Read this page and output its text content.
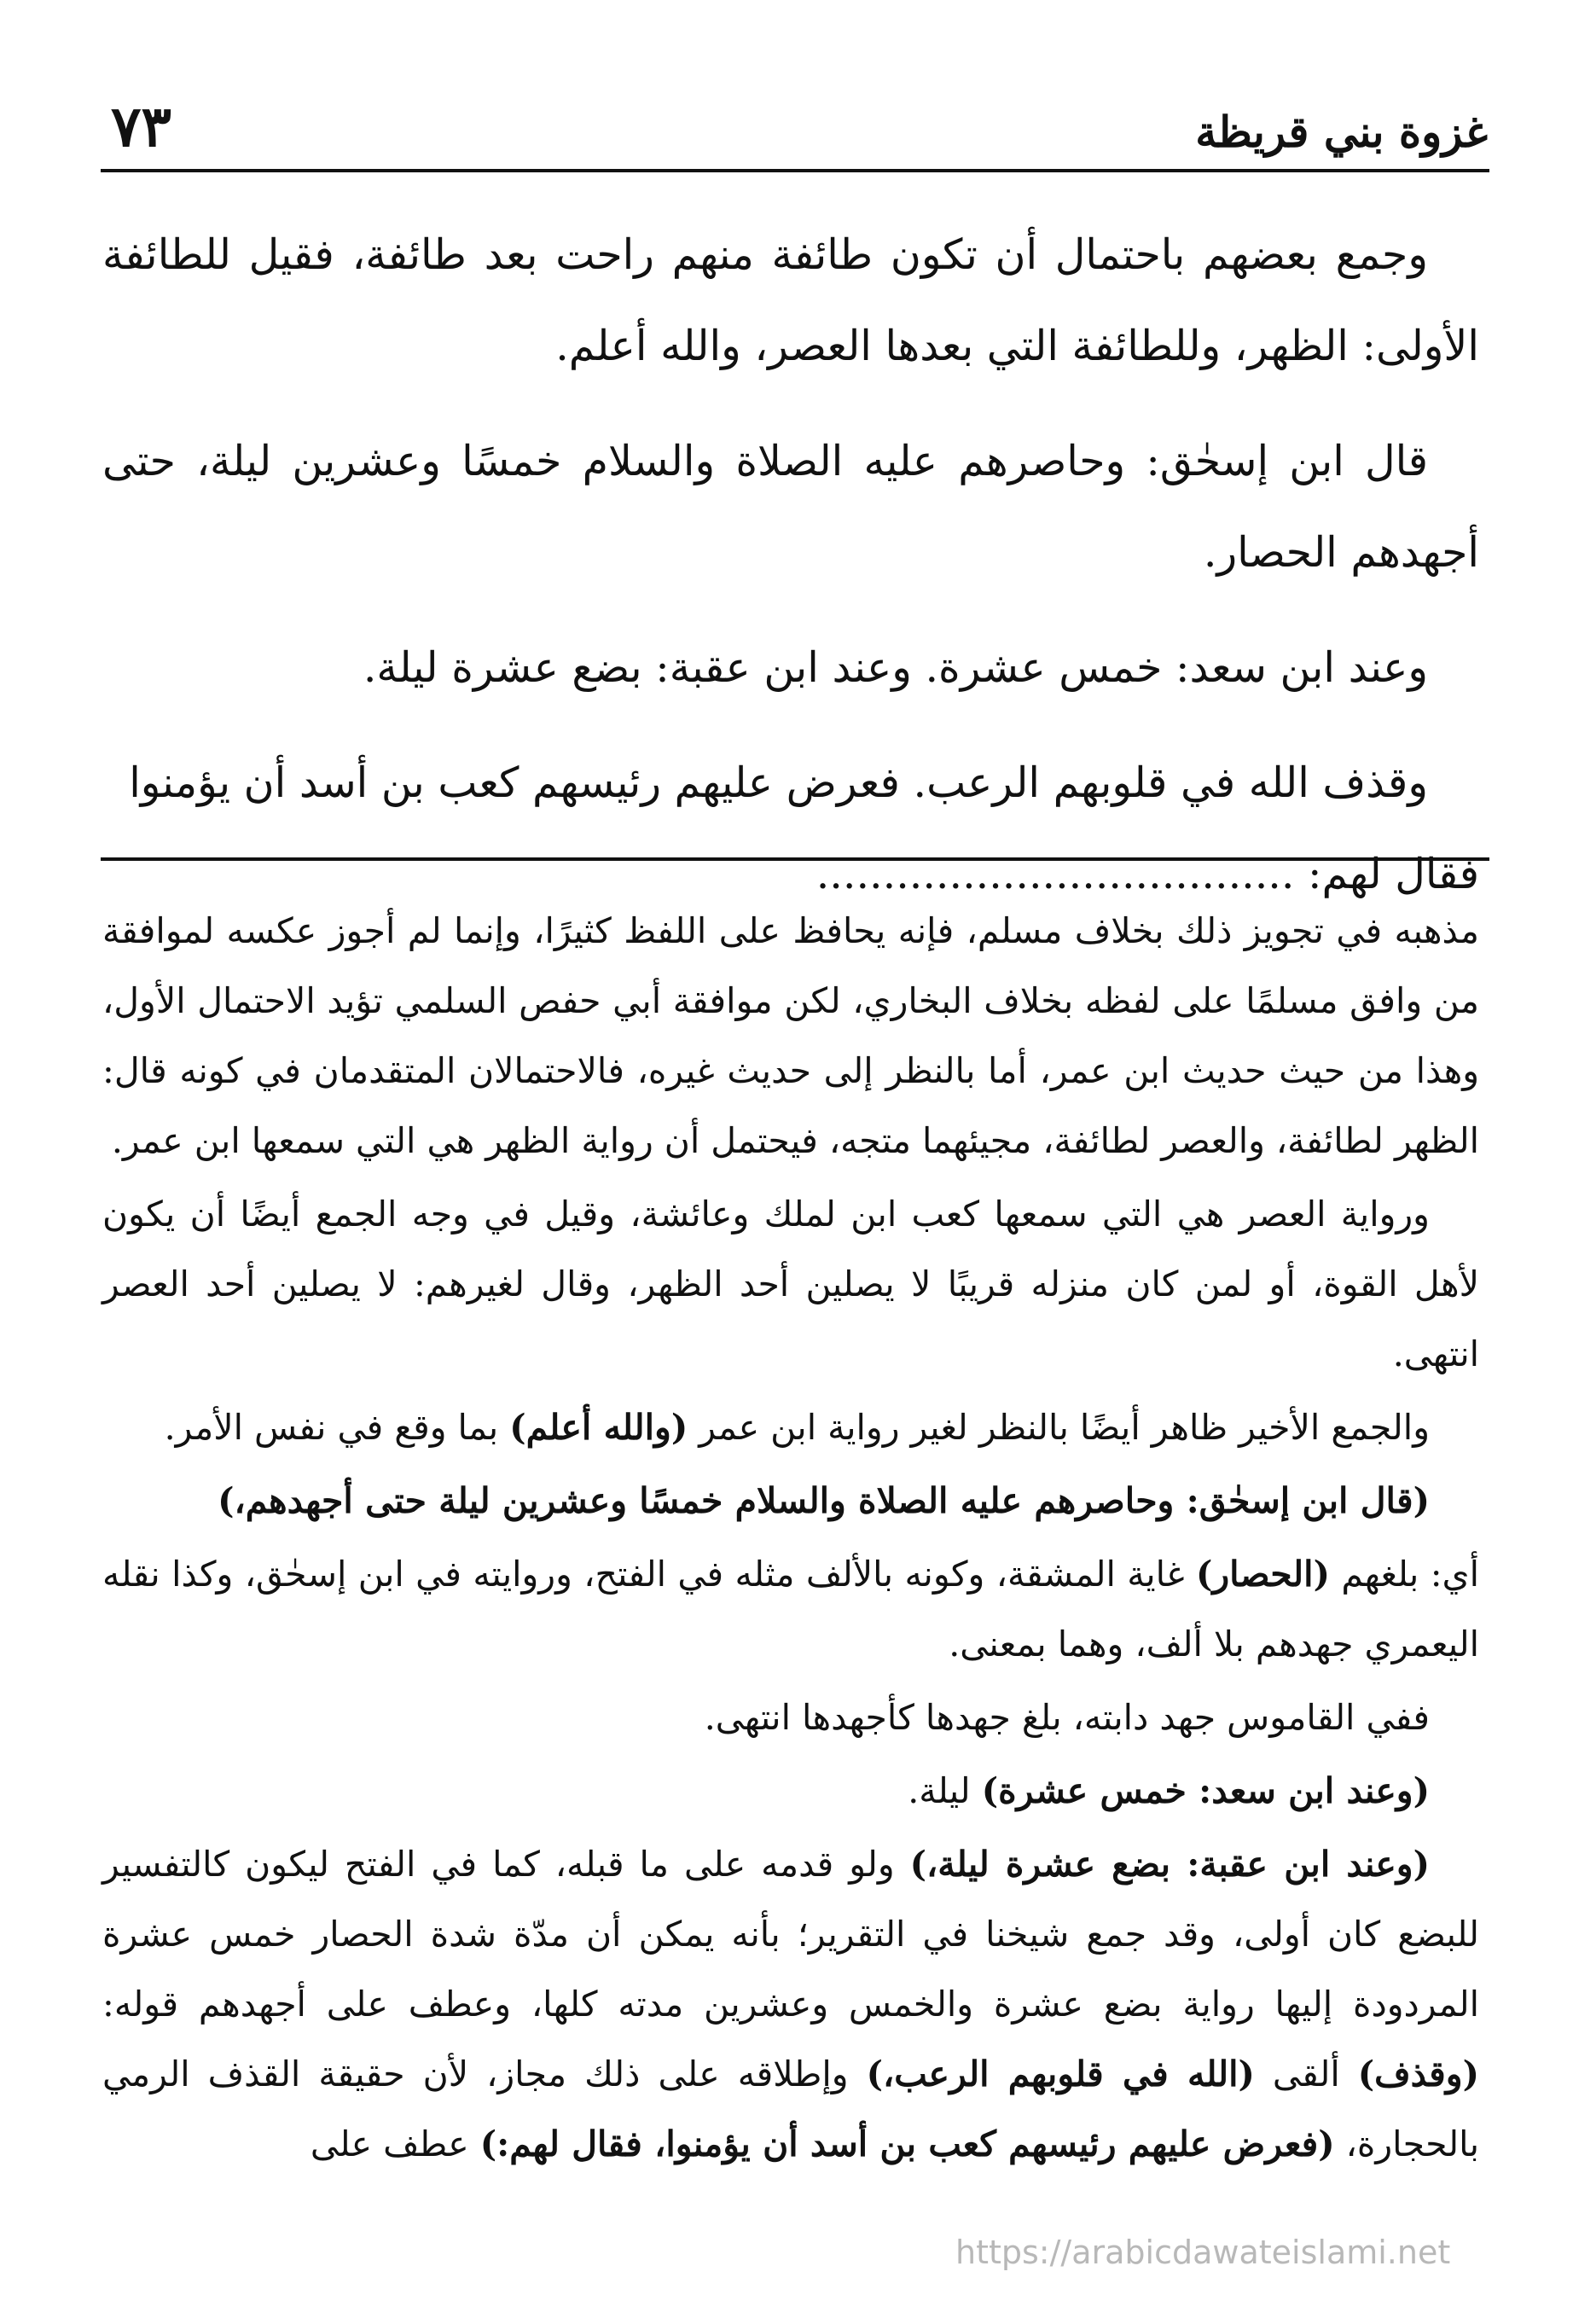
غزوة بني قريظة
٧٣

وجمع بعضهم باحتمال أن تكون طائفة منهم راحت بعد طائفة، فقيل للطائفة الأولى: الظهر، وللطائفة التي بعدها العصر، والله أعلم.

قال ابن إسحٰق: وحاصرهم عليه الصلاة والسلام خمسًا وعشرين ليلة، حتى أجهدهم الحصار.

وعند ابن سعد: خمس عشرة. وعند ابن عقبة: بضع عشرة ليلة.

وقذف الله في قلوبهم الرعب. فعرض عليهم رئيسهم كعب بن أسد أن يؤمنوا فقال لهم: ....................................

مذهبه في تجويز ذلك بخلاف مسلم، فإنه يحافظ على اللفظ كثيرًا، وإنما لم أجوز عكسه لموافقة من وافق مسلمًا على لفظه بخلاف البخاري، لكن موافقة أبي حفص السلمي تؤيد الاحتمال الأول، وهذا من حيث حديث ابن عمر، أما بالنظر إلى حديث غيره، فالاحتمالان المتقدمان في كونه قال: الظهر لطائفة، والعصر لطائفة، مجيئهما متجه، فيحتمل أن رواية الظهر هي التي سمعها ابن عمر.

ورواية العصر هي التي سمعها كعب ابن لملك وعائشة، وقيل في وجه الجمع أيضًا أن يكون لأهل القوة، أو لمن كان منزله قريبًا لا يصلين أحد الظهر، وقال لغيرهم: لا يصلين أحد العصر انتهى.

والجمع الأخير ظاهر أيضًا بالنظر لغير رواية ابن عمر (والله أعلم) بما وقع في نفس الأمر.

(قال ابن إسحٰق: وحاصرهم عليه الصلاة والسلام خمسًا وعشرين ليلة حتى أجهدهم،)

أي: بلغهم (الحصار) غاية المشقة، وكونه بالألف مثله في الفتح، وروايته في ابن إسحٰق، وكذا نقله اليعمري جهدهم بلا ألف، وهما بمعنى.

ففي القاموس جهد دابته، بلغ جهدها كأجهدها انتهى.

(وعند ابن سعد: خمس عشرة) ليلة.

(وعند ابن عقبة: بضع عشرة ليلة،) ولو قدمه على ما قبله، كما في الفتح ليكون كالتفسير للبضع كان أولى، وقد جمع شيخنا في التقرير؛ بأنه يمكن أن مدّة شدة الحصار خمس عشرة المردودة إليها رواية بضع عشرة والخمس وعشرين مدته كلها، وعطف على أجهدهم قوله: (وقذف) ألقى (الله في قلوبهم الرعب،) وإطلاقه على ذلك مجاز، لأن حقيقة القذف الرمي بالحجارة، (فعرض عليهم رئيسهم كعب بن أسد أن يؤمنوا، فقال لهم:) عطف على

https://arabicdawateislami.net
